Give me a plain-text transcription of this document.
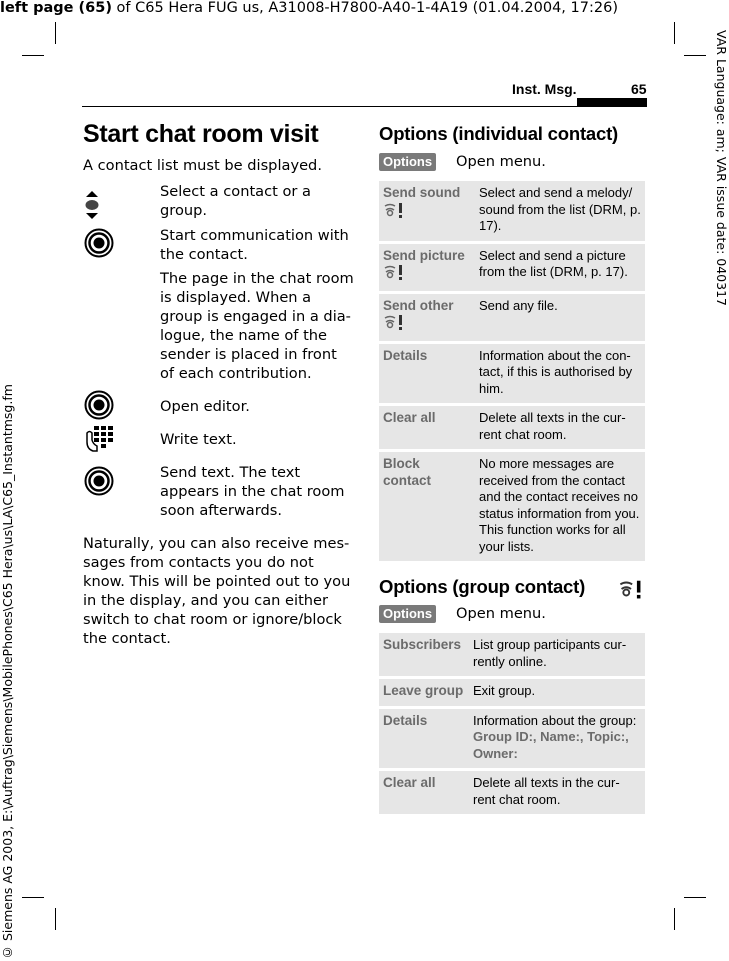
left page (65) of C65 Hera FUG us, A31008-H7800-A40-1-4A19 (01.04.2004, 17:26)
VAR Language: am; VAR issue date: 040317
© Siemens AG 2003, E:\Auftrag\Siemens\MobilePhones\C65 Hera\us\LA\C65_Instantmsg.fm
Inst. Msg.	65
Start chat room visit
A contact list must be displayed.
Select a contact or a
group.
Start communication with
the contact.
The page in the chat room
is displayed. When a
group is engaged in a dia-
logue, the name of the
sender is placed in front
of each contribution.
Open editor.
Write text.
Send text. The text
appears in the chat room
soon afterwards.
Naturally, you can also receive mes-
sages from contacts you do not
know. This will be pointed out to you
in the display, and you can either
switch to chat room or ignore/block
the contact.
Options (individual contact)
Options Open menu.
Send sound	Select and send a melody/ sound from the list (DRM, p. 17).
Send picture	Select and send a picture from the list (DRM, p. 17).
Send other	Send any file.
Details	Information about the con-tact, if this is authorised by him.
Clear all	Delete all texts in the cur-rent chat room.
Block contact	No more messages are received from the contact and the contact receives no status information from you. This function works for all your lists.
Options (group contact)
Options Open menu.
Subscribers	List group participants cur-rently online.
Leave group	Exit group.
Details	Information about the group:
Group ID:, Name:, Topic:, Owner:
Clear all	Delete all texts in the cur-rent chat room.
